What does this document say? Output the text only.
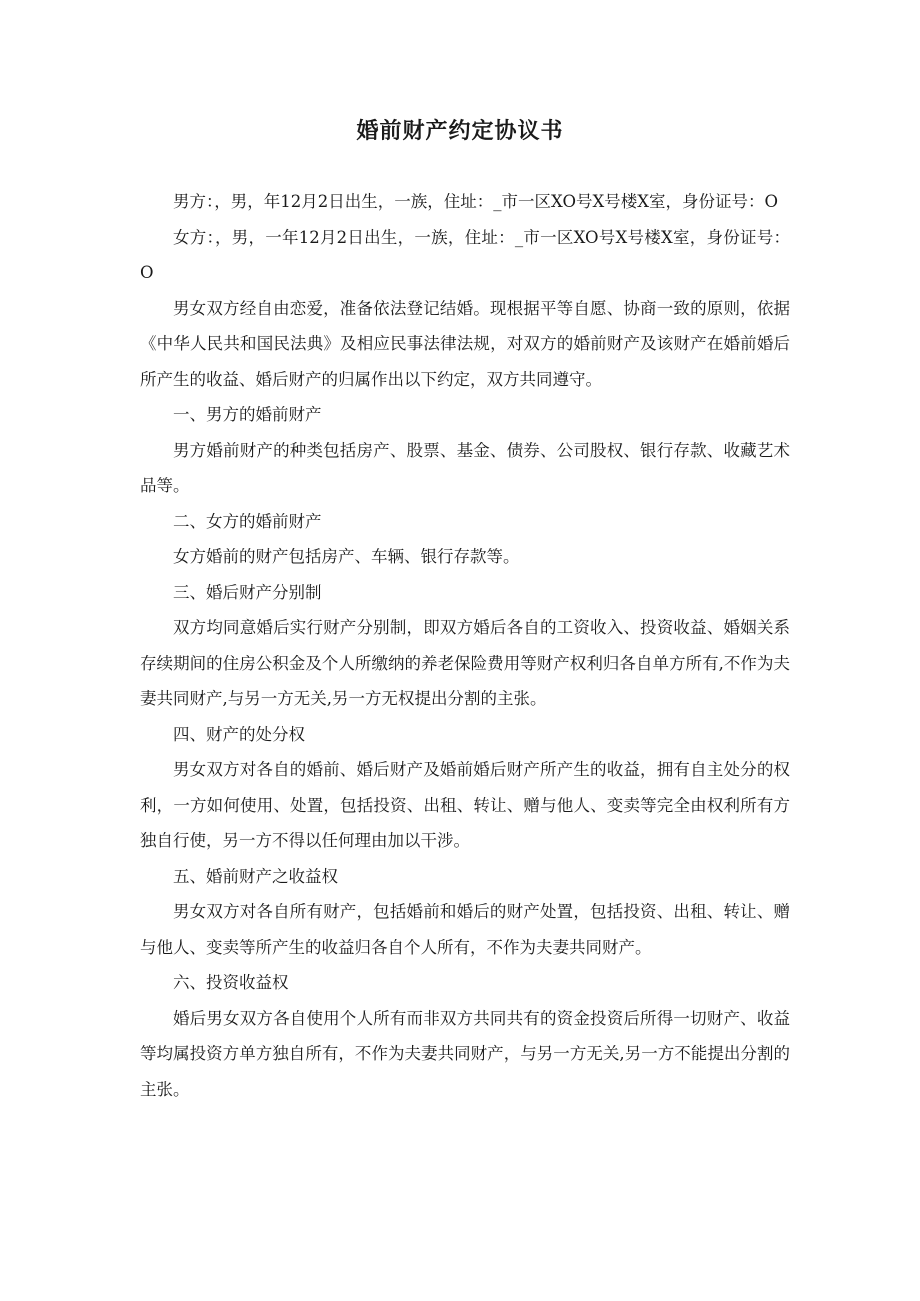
婚前财产约定协议书

男方：，男，年12月2日出生，一族，住址：_市一区XO号X号楼X室，身份证号：O

女方：，男，一年12月2日出生，一族，住址：_市一区XO号X号楼X室，身份证号：O

男女双方经自由恋爱，准备依法登记结婚。现根据平等自愿、协商一致的原则，依据《中华人民共和国民法典》及相应民事法律法规，对双方的婚前财产及该财产在婚前婚后所产生的收益、婚后财产的归属作出以下约定，双方共同遵守。

一、男方的婚前财产

男方婚前财产的种类包括房产、股票、基金、债券、公司股权、银行存款、收藏艺术品等。

二、女方的婚前财产

女方婚前的财产包括房产、车辆、银行存款等。

三、婚后财产分别制

双方均同意婚后实行财产分别制，即双方婚后各自的工资收入、投资收益、婚姻关系存续期间的住房公积金及个人所缴纳的养老保险费用等财产权利归各自单方所有,不作为夫妻共同财产,与另一方无关,另一方无权提出分割的主张。

四、财产的处分权

男女双方对各自的婚前、婚后财产及婚前婚后财产所产生的收益，拥有自主处分的权利，一方如何使用、处置，包括投资、出租、转让、赠与他人、变卖等完全由权利所有方独自行使，另一方不得以任何理由加以干涉。

五、婚前财产之收益权

男女双方对各自所有财产，包括婚前和婚后的财产处置，包括投资、出租、转让、赠与他人、变卖等所产生的收益归各自个人所有，不作为夫妻共同财产。

六、投资收益权

婚后男女双方各自使用个人所有而非双方共同共有的资金投资后所得一切财产、收益等均属投资方单方独自所有，不作为夫妻共同财产，与另一方无关,另一方不能提出分割的主张。
